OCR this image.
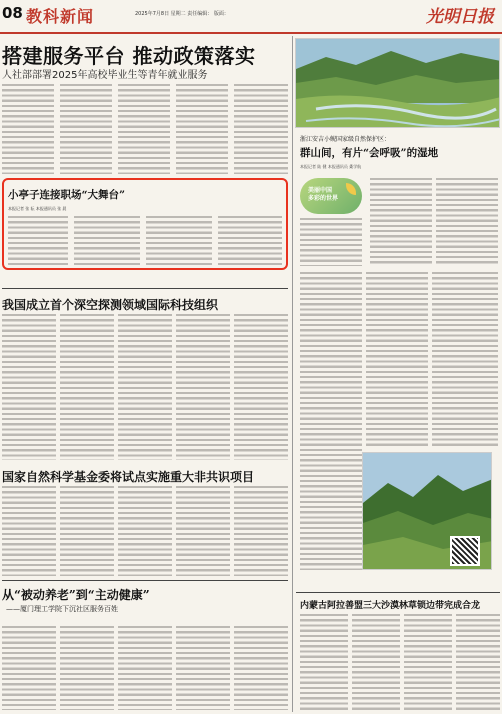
08 教科新闻	2025年7月8日 星期二 责任编辑： 版面：	光明日报
搭建服务平台 推动政策落实
人社部部署2025年高校毕业生等青年就业服务
小亭子连接职场“大舞台”
本报记者 张 耘 本报通讯员 张 晨
我国成立首个深空探测领域国际科技组织
国家自然科学基金委将试点实施重大非共识项目
从“被动养老”到“主动健康”
——厦门理工学院下沉社区服务百姓
浙江安吉小鲵国家级自然保护区：
群山间，有片“会呼吸”的湿地
本报记者 陆 健 本报通讯员 桑学航
美丽中国
多彩的世界
内蒙古阿拉善盟三大沙漠林草锁边带完成合龙
